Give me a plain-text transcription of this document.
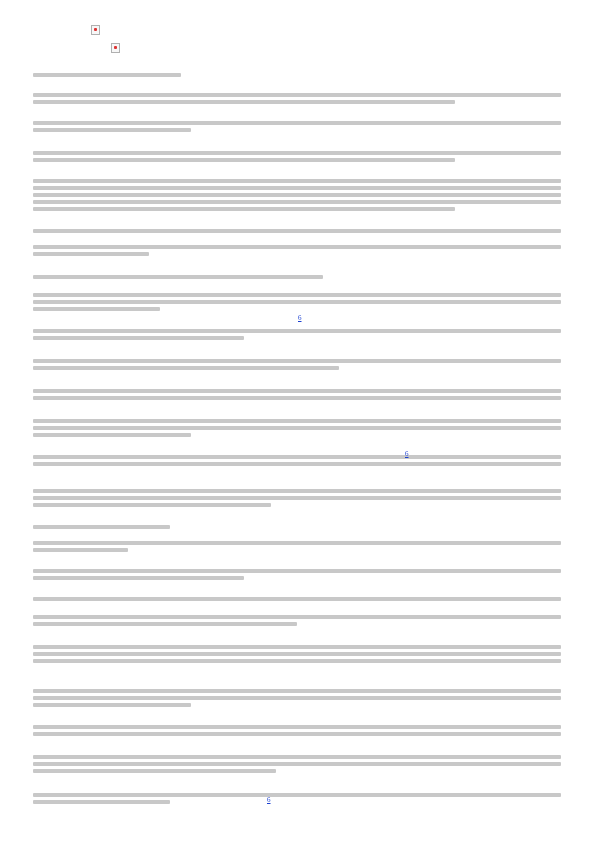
6
6
6
